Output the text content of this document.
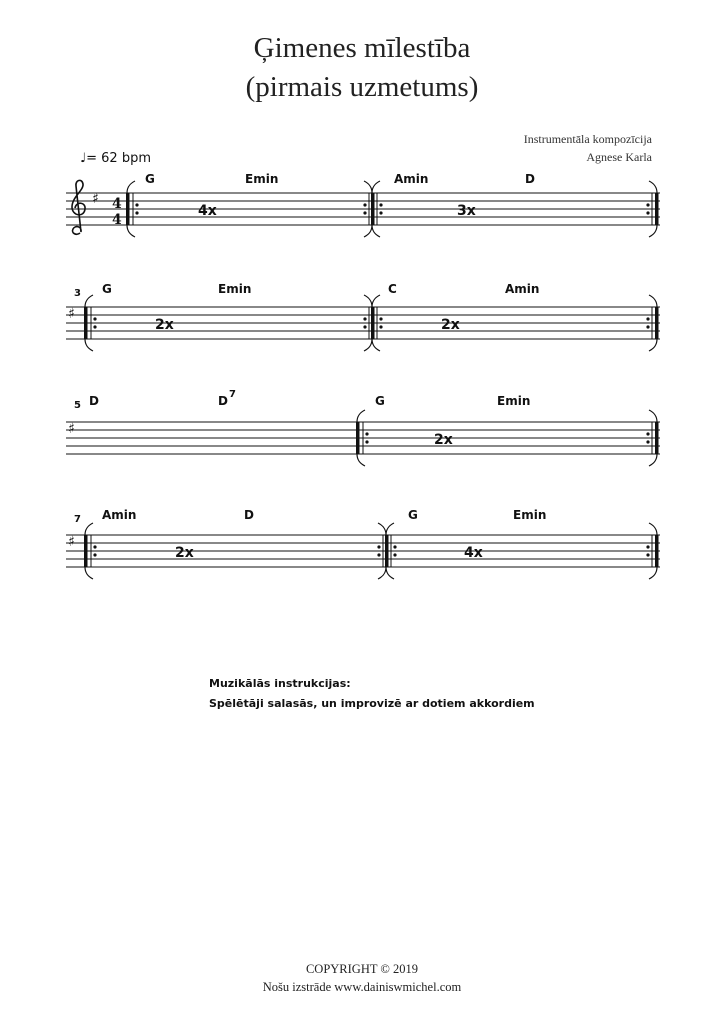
Ģimenes mīlestība
(pirmais uzmetums)
Instrumentāla kompozīcija
Agnese Karla
♩= 62 bpm
♯ 4
4
G	Emin	Amin	D
4x	3x
♯
3 G	Emin	C	Amin
2x	2x
♯
5 D	D 7	G	Emin
2x
♯
7 Amin	D	G	Emin
2x	4x
Muzikālās instrukcijas:
Spēlētāji salasās, un improvizē ar dotiem akkordiem
COPYRIGHT © 2019
Nošu izstrāde www.dainiswmichel.com
